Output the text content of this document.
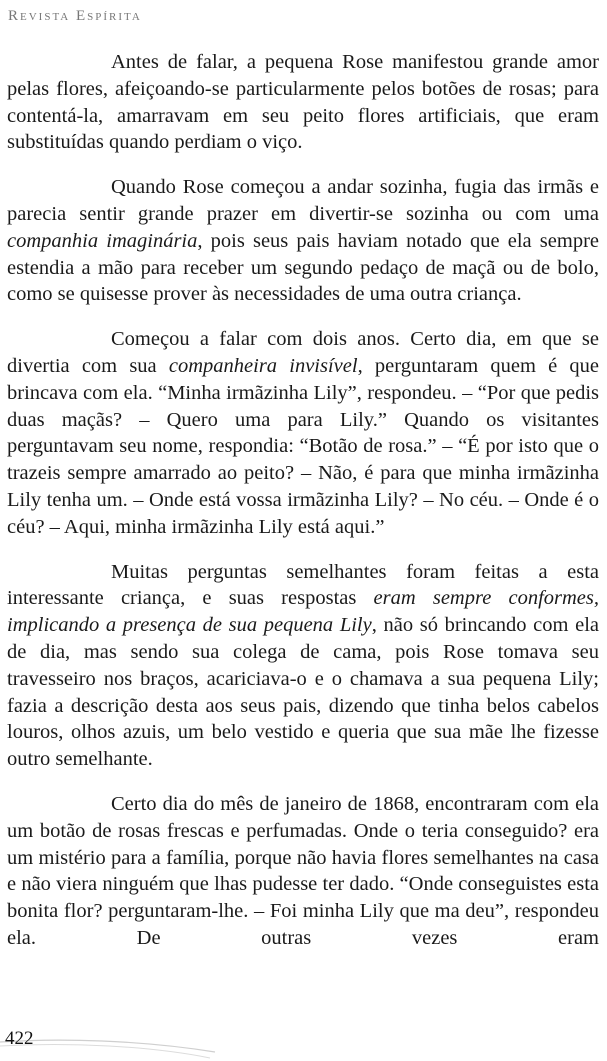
Revista Espírita

Antes de falar, a pequena Rose manifestou grande amor pelas flores, afeiçoando-se particularmente pelos botões de rosas; para contentá-la, amarravam em seu peito flores artificiais, que eram substituídas quando perdiam o viço.

Quando Rose começou a andar sozinha, fugia das irmãs e parecia sentir grande prazer em divertir-se sozinha ou com uma companhia imaginária, pois seus pais haviam notado que ela sempre estendia a mão para receber um segundo pedaço de maçã ou de bolo, como se quisesse prover às necessidades de uma outra criança.

Começou a falar com dois anos. Certo dia, em que se divertia com sua companheira invisível, perguntaram quem é que brincava com ela. “Minha irmãzinha Lily”, respondeu. – “Por que pedis duas maçãs? – Quero uma para Lily.” Quando os visitantes perguntavam seu nome, respondia: “Botão de rosa.” – “É por isto que o trazeis sempre amarrado ao peito? – Não, é para que minha irmãzinha Lily tenha um. – Onde está vossa irmãzinha Lily? – No céu. – Onde é o céu? – Aqui, minha irmãzinha Lily está aqui.”

Muitas perguntas semelhantes foram feitas a esta interessante criança, e suas respostas eram sempre conformes, implicando a presença de sua pequena Lily, não só brincando com ela de dia, mas sendo sua colega de cama, pois Rose tomava seu travesseiro nos braços, acariciava-o e o chamava a sua pequena Lily; fazia a descrição desta aos seus pais, dizendo que tinha belos cabelos louros, olhos azuis, um belo vestido e queria que sua mãe lhe fizesse outro semelhante.

Certo dia do mês de janeiro de 1868, encontraram com ela um botão de rosas frescas e perfumadas. Onde o teria conseguido? era um mistério para a família, porque não havia flores semelhantes na casa e não viera ninguém que lhas pudesse ter dado. “Onde conseguistes esta bonita flor? perguntaram-lhe. – Foi minha Lily que ma deu”, respondeu ela. De outras vezes eram

422
